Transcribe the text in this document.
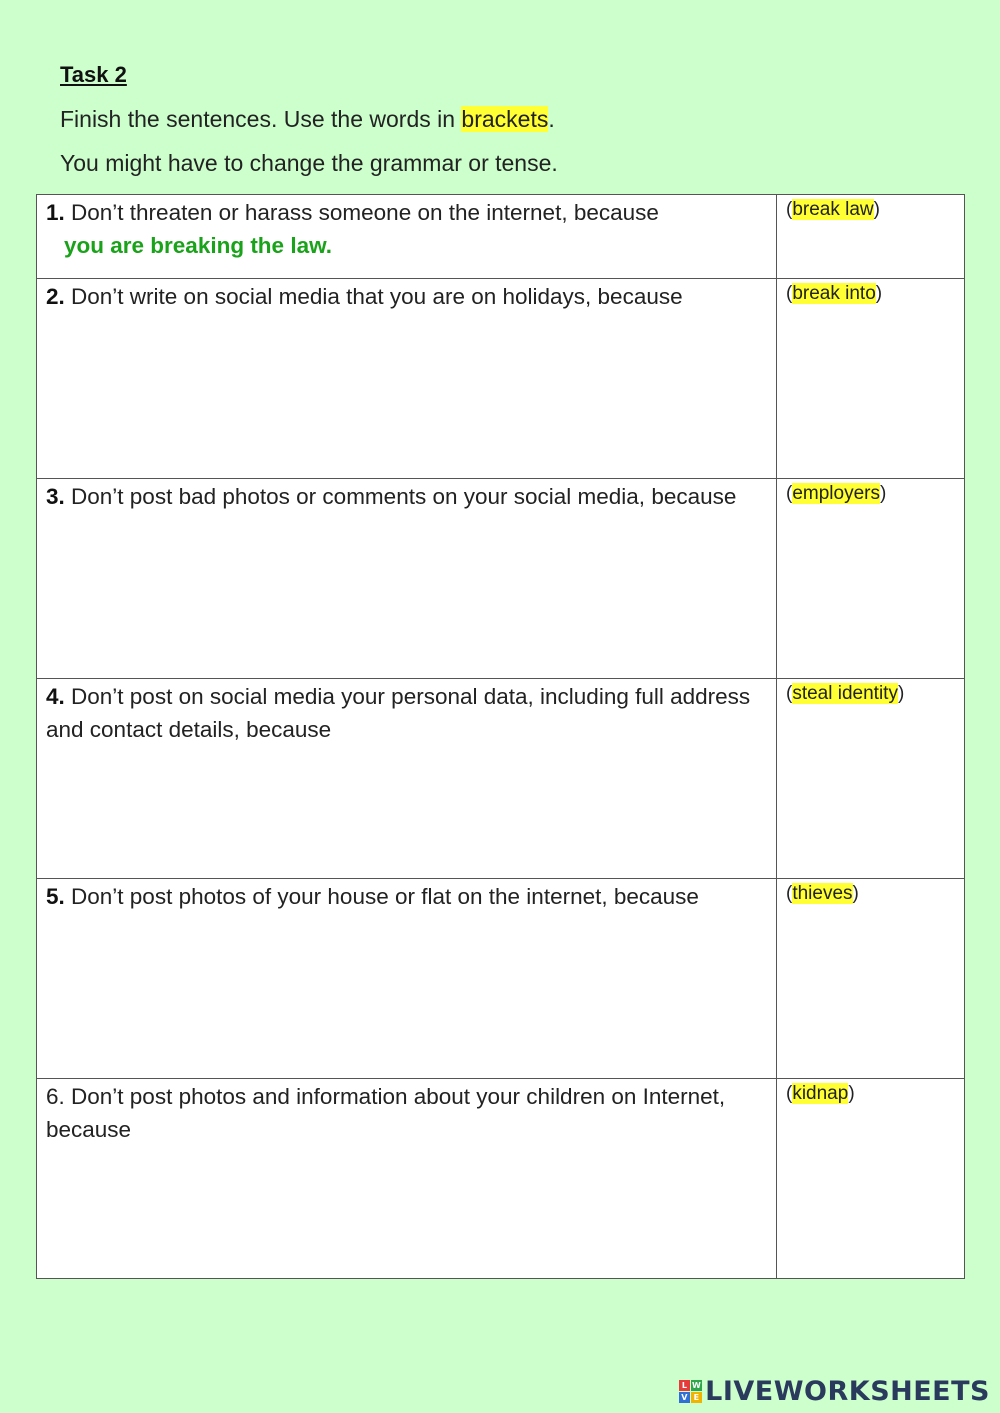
Task 2
Finish the sentences. Use the words in brackets.
You might have to change the grammar or tense.
1. Don’t threaten or harass someone on the internet, because
you are breaking the law.	(break law)
2. Don’t write on social media that you are on holidays, because	(break into)
3. Don’t post bad photos or comments on your social media, because	(employers)
4. Don’t post on social media your personal data, including full address and contact details, because	(steal identity)
5. Don’t post photos of your house or flat on the internet, because	(thieves)
6. Don’t post photos and information about your children on Internet, because	(kidnap)
L W
V E LIVEWORKSHEETS
